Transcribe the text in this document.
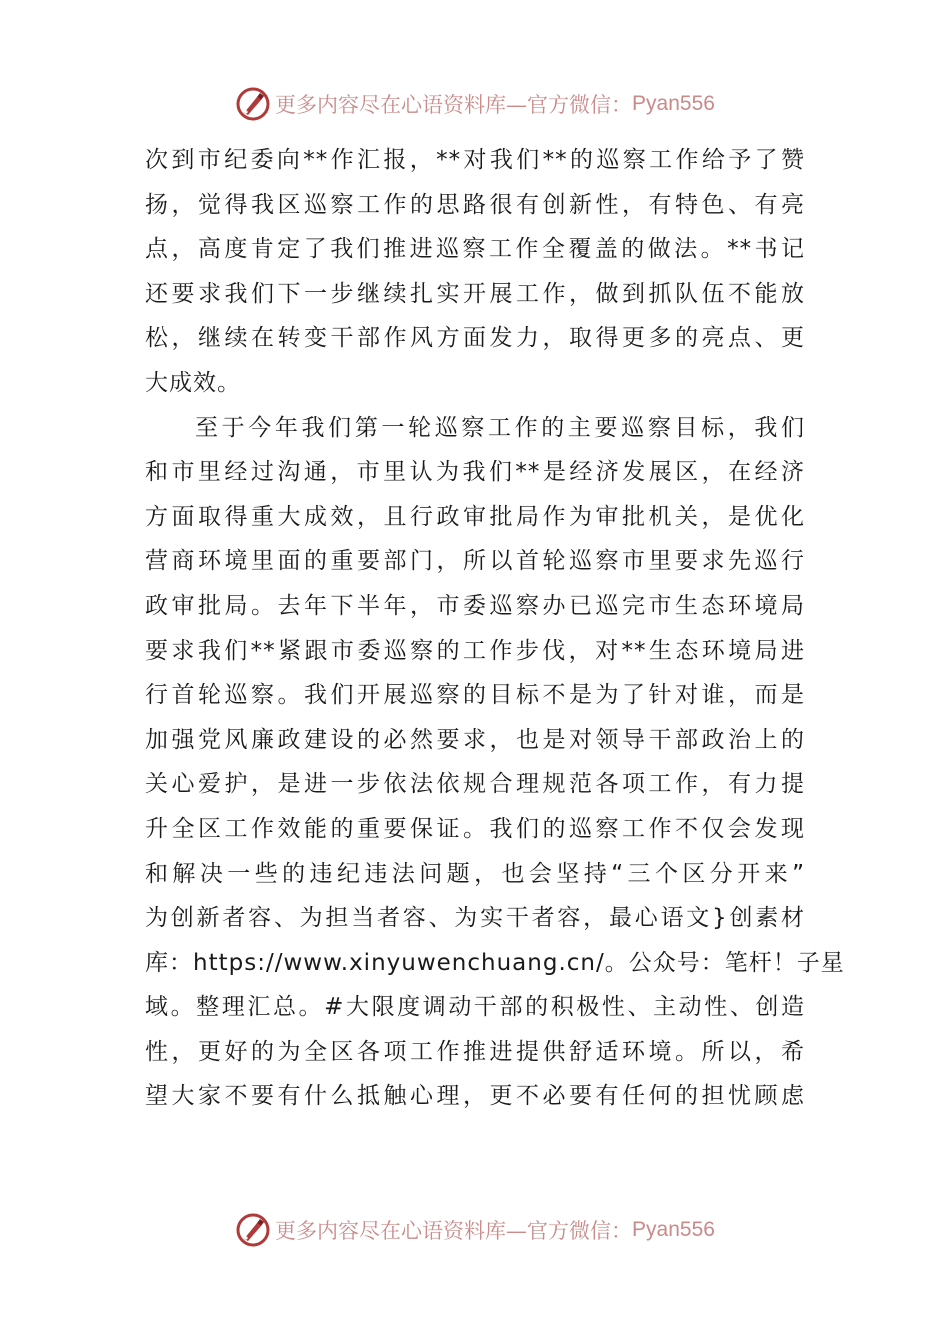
更多内容尽在心语资料库—官方微信： Pyan556
次到市纪委向**作汇报，**对我们**的巡察工作给予了赞
扬，觉得我区巡察工作的思路很有创新性，有特色、有亮
点，高度肯定了我们推进巡察工作全覆盖的做法。**书记
还要求我们下一步继续扎实开展工作，做到抓队伍不能放
松，继续在转变干部作风方面发力，取得更多的亮点、更
大成效。
至于今年我们第一轮巡察工作的主要巡察目标，我们
和市里经过沟通，市里认为我们**是经济发展区，在经济
方面取得重大成效，且行政审批局作为审批机关，是优化
营商环境里面的重要部门，所以首轮巡察市里要求先巡行
政审批局。去年下半年，市委巡察办已巡完市生态环境局
要求我们**紧跟市委巡察的工作步伐，对**生态环境局进
行首轮巡察。我们开展巡察的目标不是为了针对谁，而是
加强党风廉政建设的必然要求，也是对领导干部政治上的
关心爱护，是进一步依法依规合理规范各项工作，有力提
升全区工作效能的重要保证。我们的巡察工作不仅会发现
和解决一些的违纪违法问题，也会坚持“三个区分开来”
为创新者容、为担当者容、为实干者容，最心语文}创素材
库：https://www.xinyuwenchuang.cn/。公众号：笔杆！子星
域。整理汇总。#大限度调动干部的积极性、主动性、创造
性，更好的为全区各项工作推进提供舒适环境。所以，希
望大家不要有什么抵触心理，更不必要有任何的担忧顾虑
更多内容尽在心语资料库—官方微信： Pyan556
